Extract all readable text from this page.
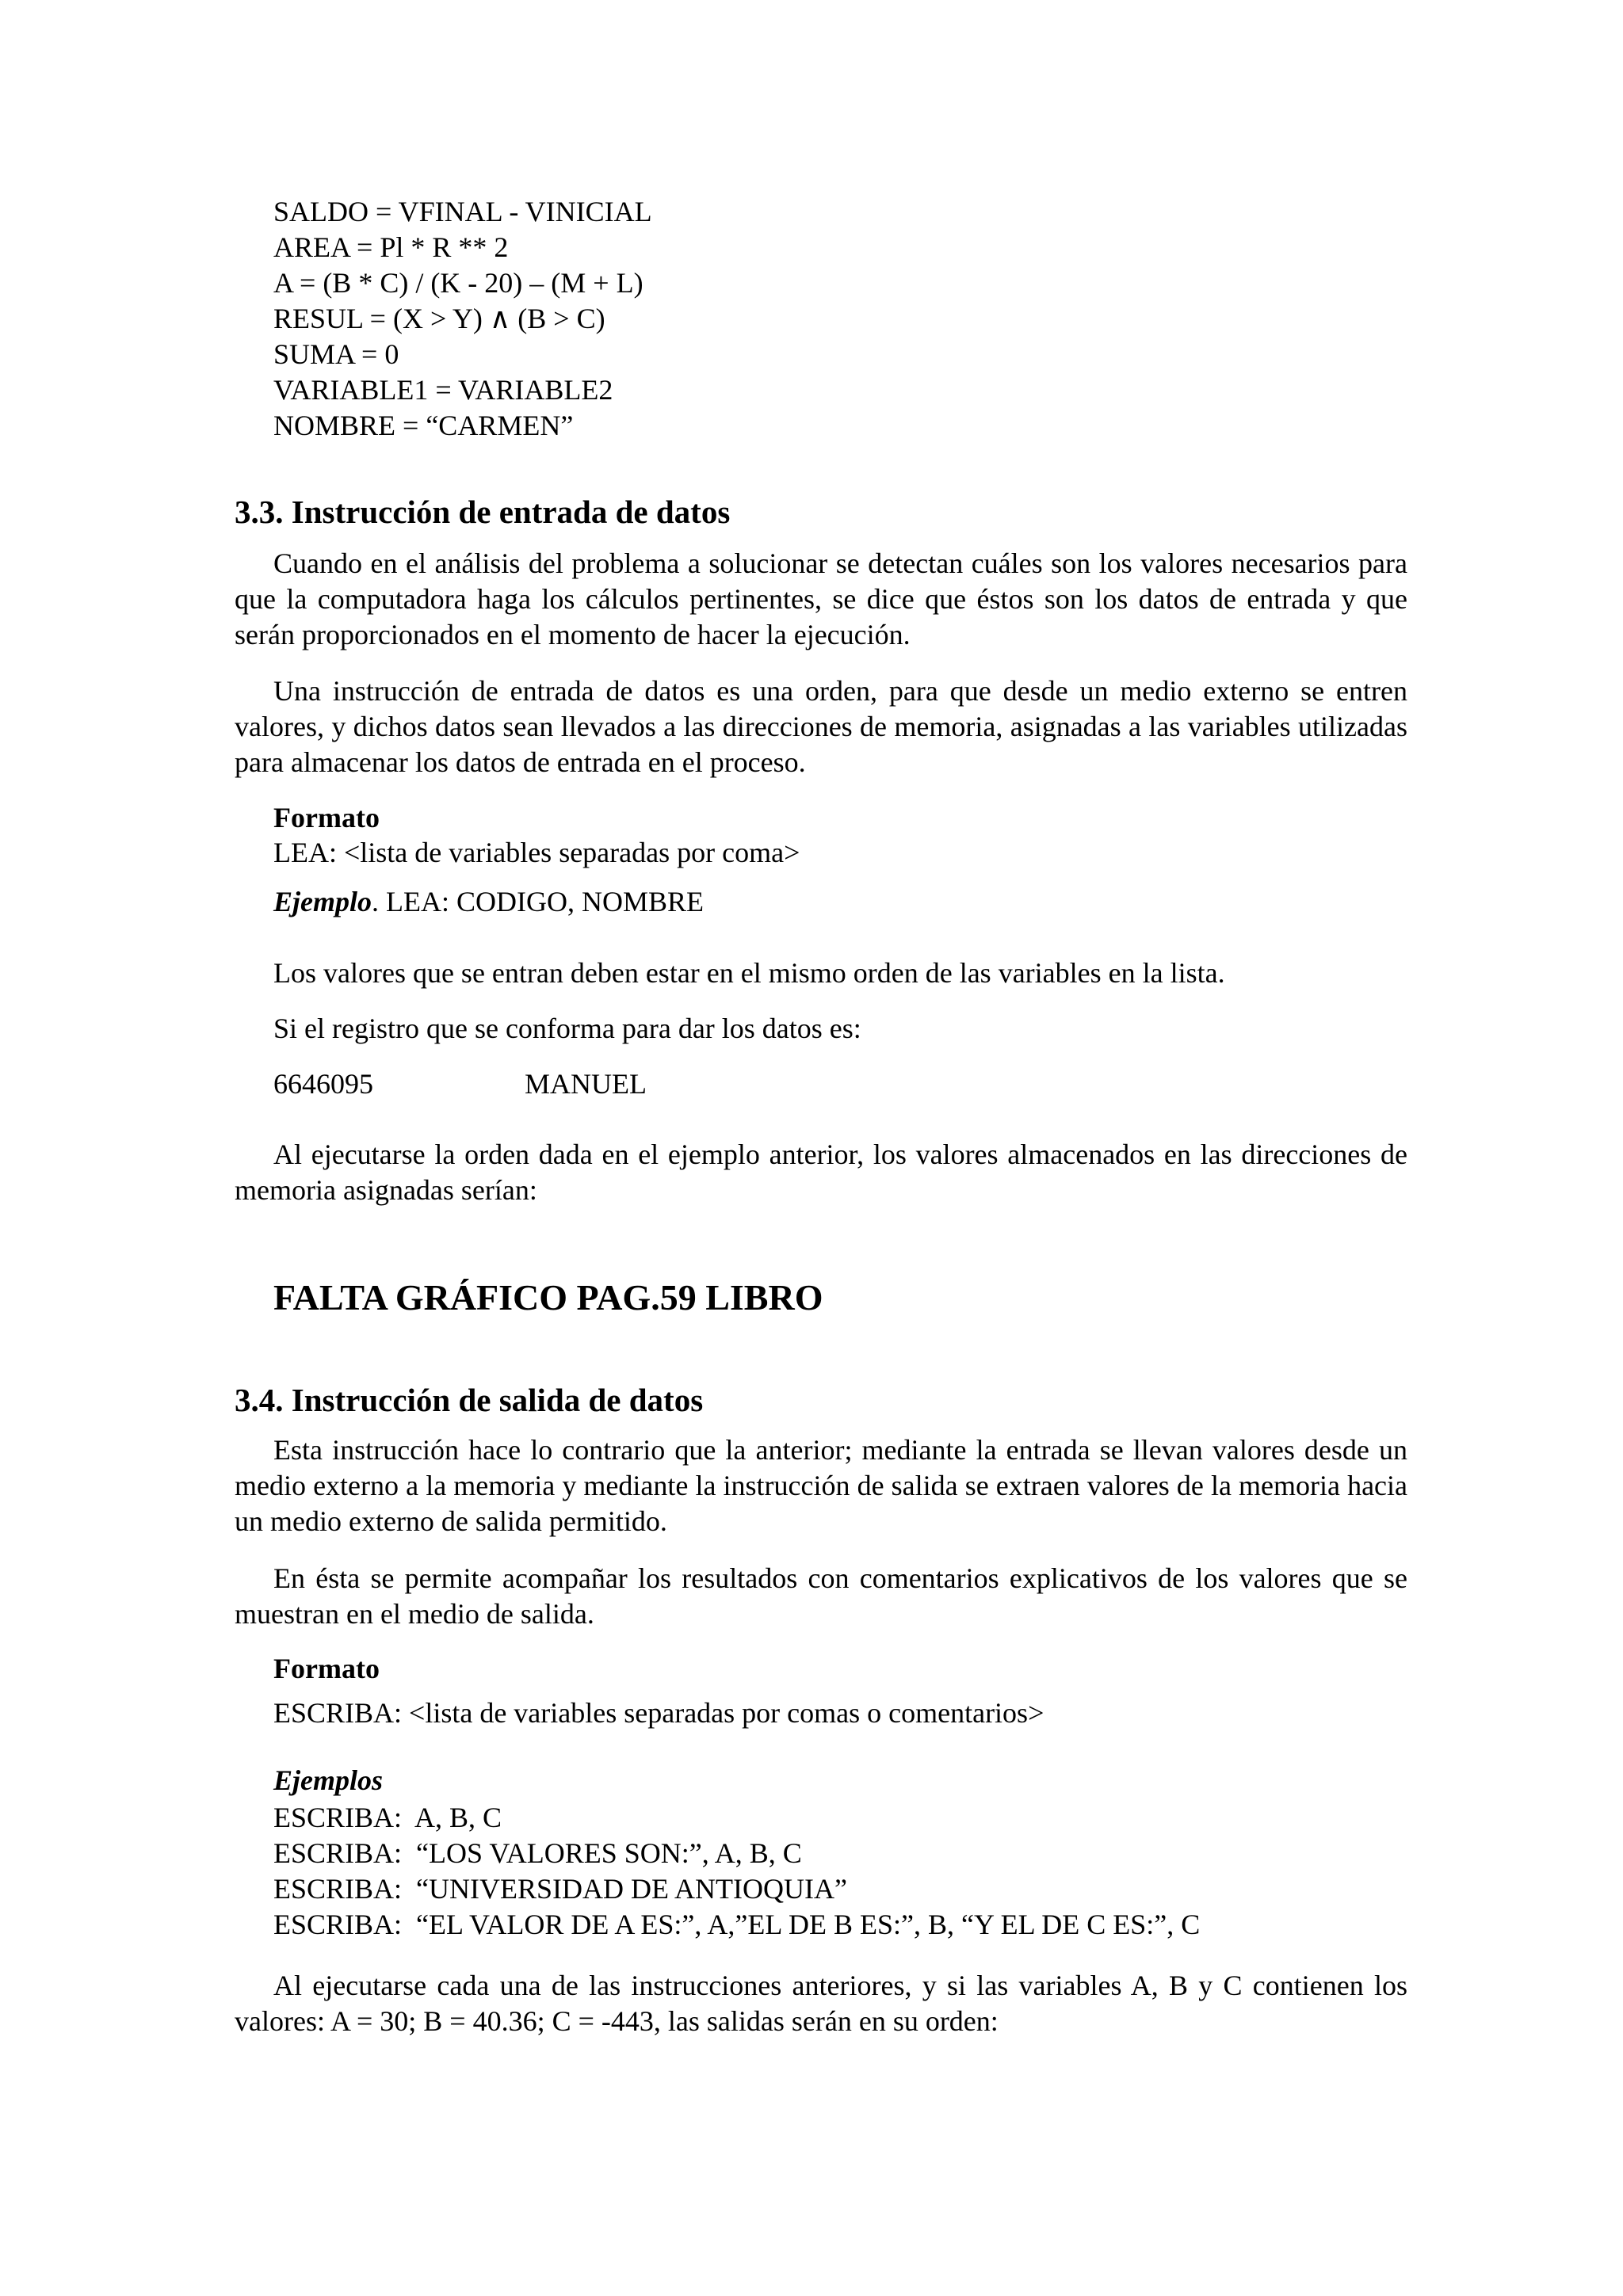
SALDO = VFINAL - VINICIAL
AREA = Pl * R ** 2
A = (B * C) / (K - 20) – (M + L)
RESUL = (X > Y) ∧ (B > C)
SUMA = 0
VARIABLE1 = VARIABLE2
NOMBRE = “CARMEN”
3.3. Instrucción de entrada de datos

Cuando en el análisis del problema a solucionar se detectan cuáles son los valores necesarios para que la computadora haga los cálculos pertinentes, se dice que éstos son los datos de entrada y que serán proporcionados en el momento de hacer la ejecución.

Una instrucción de entrada de datos es una orden, para que desde un medio externo se entren valores, y dichos datos sean llevados a las direcciones de memoria, asignadas a las variables utilizadas para almacenar los datos de entrada en el proceso.

Formato
LEA: <lista de variables separadas por coma>
Ejemplo. LEA: CODIGO, NOMBRE
Los valores que se entran deben estar en el mismo orden de las variables en la lista.
Si el registro que se conforma para dar los datos es:
6646095	MANUEL

Al ejecutarse la orden dada en el ejemplo anterior, los valores almacenados en las direcciones de memoria asignadas serían:

FALTA GRÁFICO PAG.59 LIBRO
3.4. Instrucción de salida de datos

Esta instrucción hace lo contrario que la anterior; mediante la entrada se llevan valores desde un medio externo a la memoria y mediante la instrucción de salida se extraen valores de la memoria hacia un medio externo de salida permitido.

En ésta se permite acompañar los resultados con comentarios explicativos de los valores que se muestran en el medio de salida.

Formato
ESCRIBA: <lista de variables separadas por comas o comentarios>
Ejemplos
ESCRIBA:  A, B, C
ESCRIBA:  “LOS VALORES SON:”, A, B, C
ESCRIBA:  “UNIVERSIDAD DE ANTIOQUIA”
ESCRIBA:  “EL VALOR DE A ES:”, A,”EL DE B ES:”, B, “Y EL DE C ES:”, C

Al ejecutarse cada una de las instrucciones anteriores, y si las variables A, B y C contienen los valores: A = 30; B = 40.36; C = -443, las salidas serán en su orden:
